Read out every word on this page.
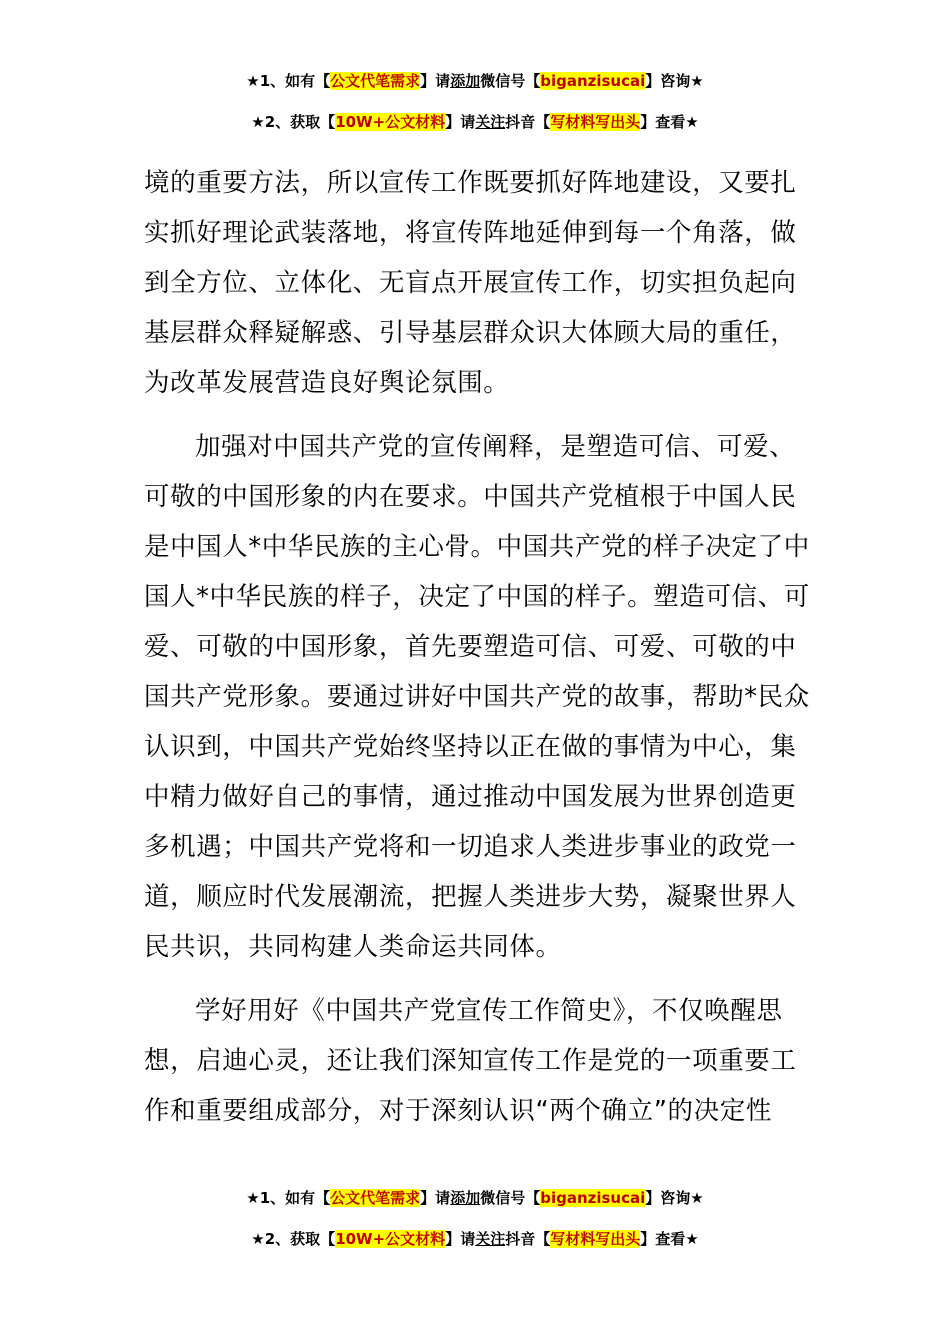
★1、如有【公文代笔需求】请添加微信号【biganzisucai】咨询★
★2、获取【10W+公文材料】请关注抖音【写材料写出头】查看★
境的重要方法，所以宣传工作既要抓好阵地建设，又要扎
实抓好理论武装落地，将宣传阵地延伸到每一个角落，做
到全方位、立体化、无盲点开展宣传工作，切实担负起向
基层群众释疑解惑、引导基层群众识大体顾大局的重任，
为改革发展营造良好舆论氛围。
加强对中国共产党的宣传阐释，是塑造可信、可爱、
可敬的中国形象的内在要求。中国共产党植根于中国人民
是中国人*中华民族的主心骨。中国共产党的样子决定了中
国人*中华民族的样子，决定了中国的样子。塑造可信、可
爱、可敬的中国形象，首先要塑造可信、可爱、可敬的中
国共产党形象。要通过讲好中国共产党的故事，帮助*民众
认识到，中国共产党始终坚持以正在做的事情为中心，集
中精力做好自己的事情，通过推动中国发展为世界创造更
多机遇；中国共产党将和一切追求人类进步事业的政党一
道，顺应时代发展潮流，把握人类进步大势，凝聚世界人
民共识，共同构建人类命运共同体。
学好用好《中国共产党宣传工作简史》，不仅唤醒思
想，启迪心灵，还让我们深知宣传工作是党的一项重要工
作和重要组成部分，对于深刻认识“两个确立”的决定性
★1、如有【公文代笔需求】请添加微信号【biganzisucai】咨询★
★2、获取【10W+公文材料】请关注抖音【写材料写出头】查看★
